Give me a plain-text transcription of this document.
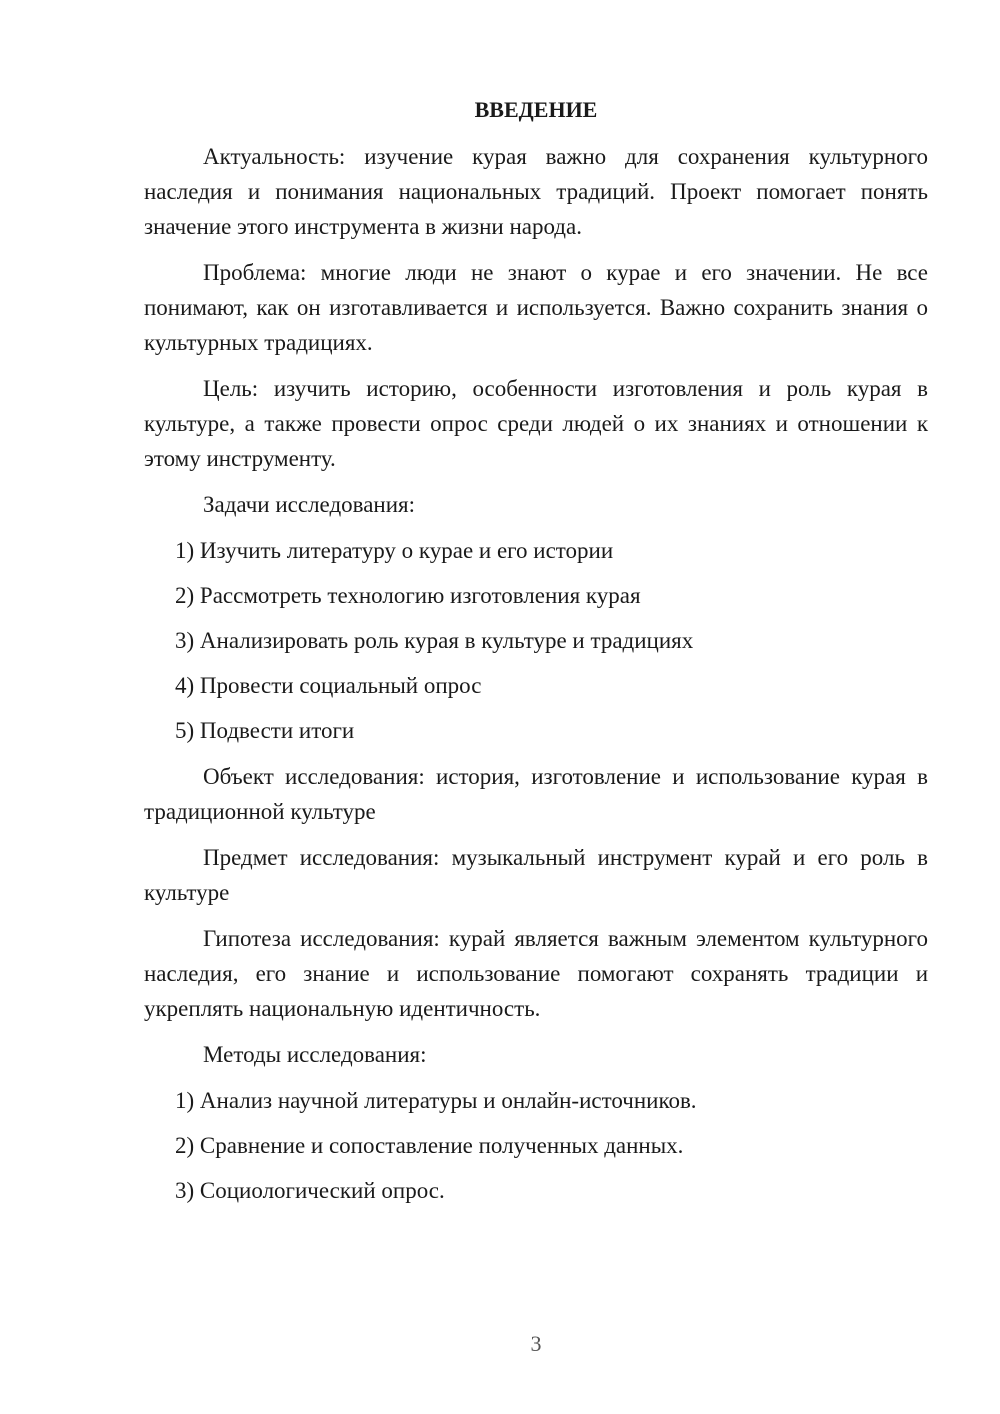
ВВЕДЕНИЕ

Актуальность: изучение курая важно для сохранения культурного наследия и понимания национальных традиций. Проект помогает понять значение этого инструмента в жизни народа.

Проблема: многие люди не знают о курае и его значении. Не все понимают, как он изготавливается и используется. Важно сохранить знания о культурных традициях.

Цель: изучить историю, особенности изготовления и роль курая в культуре, а также провести опрос среди людей о их знаниях и отношении к этому инструменту.

Задачи исследования:

1) Изучить литературу о курае и его истории
2) Рассмотреть технологию изготовления курая
3) Анализировать роль курая в культуре и традициях
4) Провести социальный опрос
5) Подвести итоги

Объект исследования: история, изготовление и использование курая в традиционной культуре

Предмет исследования: музыкальный инструмент курай и его роль в культуре

Гипотеза исследования: курай является важным элементом культурного наследия, его знание и использование помогают сохранять традиции и укреплять национальную идентичность.

Методы исследования:

1) Анализ научной литературы и онлайн-источников.
2) Сравнение и сопоставление полученных данных.
3) Социологический опрос.
3
